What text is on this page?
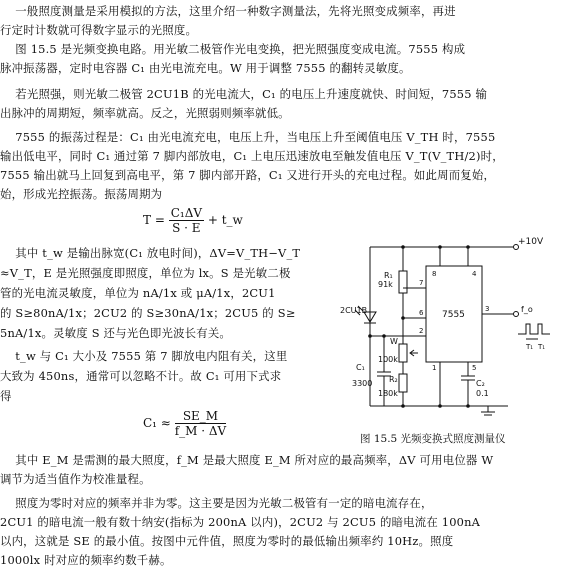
一般照度测量是采用模拟的方法，这里介绍一种数字测量法，先将光照变成频率，再进
行定时计数就可得数字显示的光照度。
图 15.5 是光频变换电路。用光敏二极管作光电变换，把光照强度变成电流。7555 构成
脉冲振荡器，定时电容器 C₁ 由光电流充电。W 用于调整 7555 的翻转灵敏度。
若光照强，则光敏二极管 2CU1B 的光电流大，C₁ 的电压上升速度就快、时间短，7555 输
出脉冲的周期短，频率就高。反之，光照弱则频率就低。
7555 的振荡过程是：C₁ 由光电流充电，电压上升，当电压上升至阈值电压 V_TH 时，7555
输出低电平，同时 C₁ 通过第 7 脚内部放电，C₁ 上电压迅速放电至触发值电压 V_T(V_TH/2)时，
7555 输出就马上回复到高电平，第 7 脚内部开路，C₁ 又进行开头的充电过程。如此周而复始，
始，形成光控振荡。振荡周期为
$T = \frac{\text{C₁ΔV}}{S \cdot E}$ + t_w
其中 t_w 是输出脉宽(C₁ 放电时间)，ΔV=V_TH−V_T
≈V_T，E 是光照强度即照度，单位为 lx。S 是光敏二极
管的光电流灵敏度，单位为 nA/1x 或 μA/1x，2CU1
的 S≥80nA/1x；2CU2 的 S≥30nA/1x；2CU5 的 S≥
5nA/1x。灵敏度 S 还与光色即光波长有关。
t_w 与 C₁ 大小及 7555 第 7 脚放电内阻有关，这里
大致为 450ns，通常可以忽略不计。故 C₁ 可用下式求
得
$C_1 \approx \frac{SE\_M}{f\_M \cdot \Delta V}$
其中 E_M 是需测的最大照度，f_M 是最大照度 E_M 所对应的最高频率，ΔV 可用电位器 W
调节为适当值作为校准量程。
照度为零时对应的频率并非为零。这主要是因为光敏二极管有一定的暗电流存在，
2CU1 的暗电流一般有数十纳安(指标为 200nA 以内)，2CU2 与 2CU5 的暗电流在 100nA
以内，这就是 SE 的最小值。按图中元件值，照度为零时的最低输出频率约 10Hz。照度
1000lx 时对应的频率约数千赫。
+10V
R₁
91k
2CU1B	7555
8	4
7
3
6
2
1	5
W
100k
R₂
180k
C₁
3300	C₂
0.1
f_o
T₁ T₁
图 15.5 光频变换式照度测量仪
